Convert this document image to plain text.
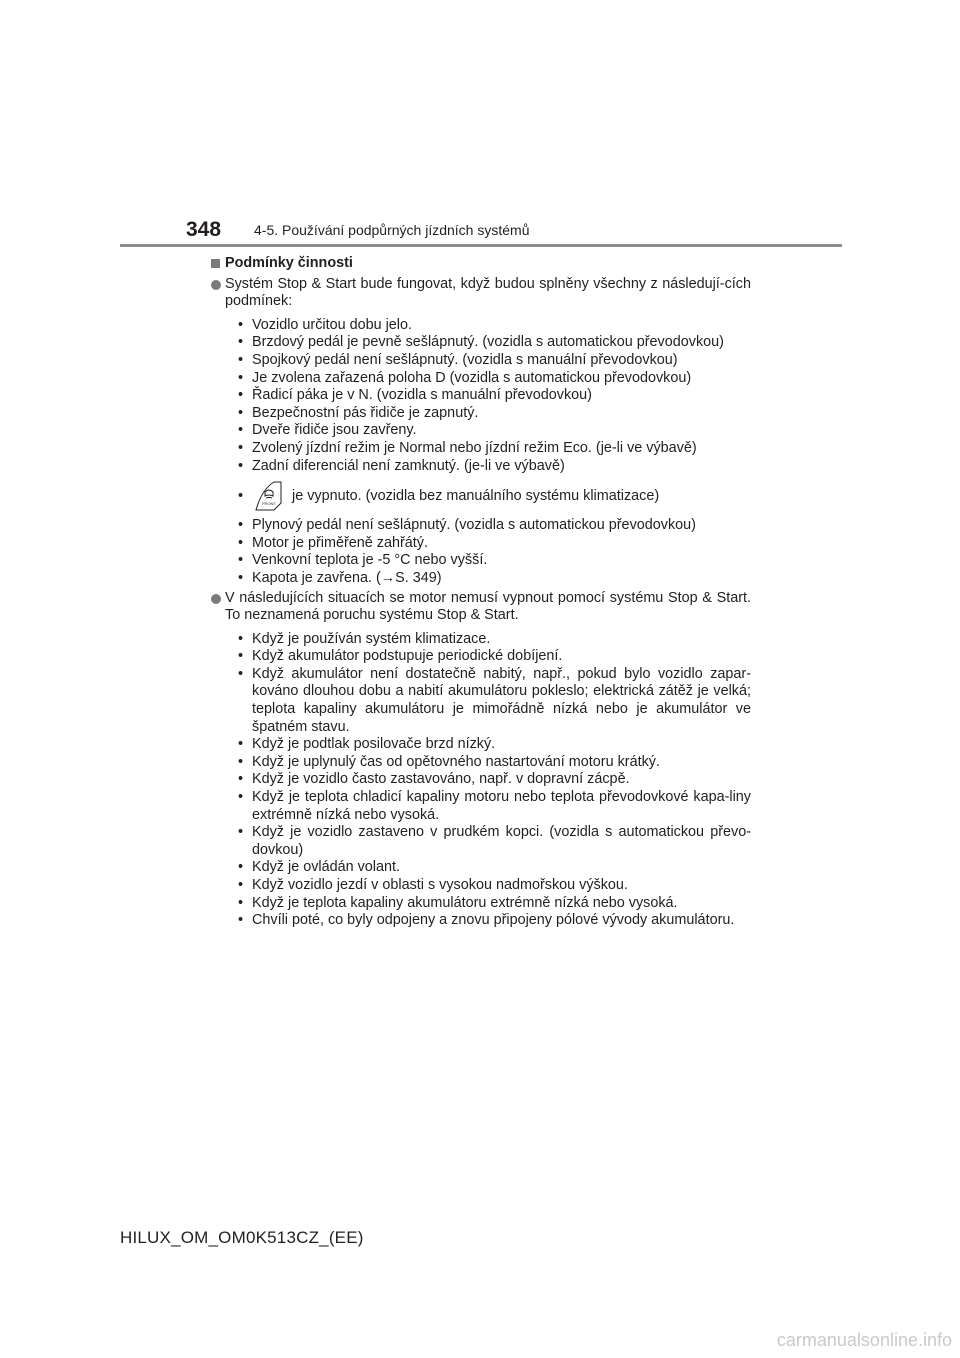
348 4-5. Používání podpůrných jízdních systémů
Podmínky činnosti
Systém Stop & Start bude fungovat, když budou splněny všechny z následují-cích podmínek:
• Vozidlo určitou dobu jelo.
• Brzdový pedál je pevně sešlápnutý. (vozidla s automatickou převodovkou)
• Spojkový pedál není sešlápnutý. (vozidla s manuální převodovkou)
• Je zvolena zařazená poloha D (vozidla s automatickou převodovkou)
• Řadicí páka je v N. (vozidla s manuální převodovkou)
• Bezpečnostní pás řidiče je zapnutý.
• Dveře řidiče jsou zavřeny.
• Zvolený jízdní režim je Normal nebo jízdní režim Eco. (je-li ve výbavě)
• Zadní diferenciál není zamknutý. (je-li ve výbavě)
• FRONT je vypnuto. (vozidla bez manuálního systému klimatizace)
• Plynový pedál není sešlápnutý. (vozidla s automatickou převodovkou)
• Motor je přiměřeně zahřátý.
• Venkovní teplota je -5 °C nebo vyšší.
• Kapota je zavřena. (→S. 349)
V následujících situacích se motor nemusí vypnout pomocí systému Stop & Start. To neznamená poruchu systému Stop & Start.
• Když je používán systém klimatizace.
• Když akumulátor podstupuje periodické dobíjení.
• Když akumulátor není dostatečně nabitý, např., pokud bylo vozidlo zapar-kováno dlouhou dobu a nabití akumulátoru pokleslo; elektrická zátěž je velká; teplota kapaliny akumulátoru je mimořádně nízká nebo je akumulátor ve špatném stavu.
• Když je podtlak posilovače brzd nízký.
• Když je uplynulý čas od opětovného nastartování motoru krátký.
• Když je vozidlo často zastavováno, např. v dopravní zácpě.
• Když je teplota chladicí kapaliny motoru nebo teplota převodovkové kapa-liny extrémně nízká nebo vysoká.
• Když je vozidlo zastaveno v prudkém kopci. (vozidla s automatickou převo-dovkou)
• Když je ovládán volant.
• Když vozidlo jezdí v oblasti s vysokou nadmořskou výškou.
• Když je teplota kapaliny akumulátoru extrémně nízká nebo vysoká.
• Chvíli poté, co byly odpojeny a znovu připojeny pólové vývody akumulátoru.
HILUX_OM_OM0K513CZ_(EE)
carmanualsonline.info
